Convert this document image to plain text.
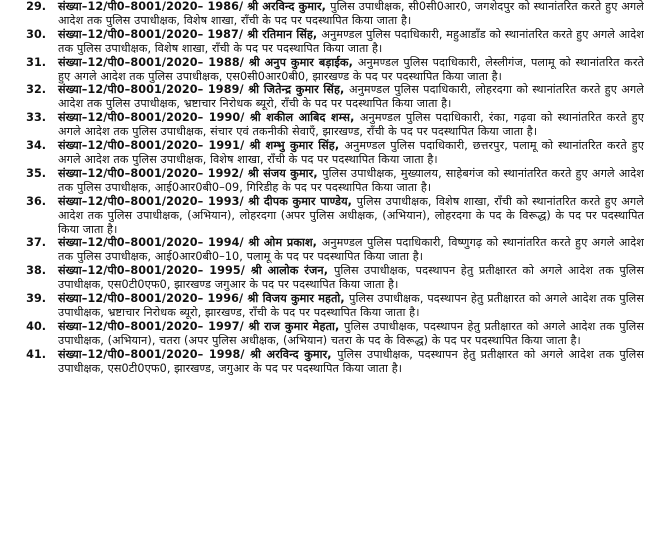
29.	संख्या–12/पी0–8001/2020– 1986/ श्री अरविन्द कुमार, पुलिस उपाधीक्षक, सी0सी0आर0, जगशेदपुर को स्थानांतरित करते हुए अगले आदेश तक पुलिस उपाधीक्षक, विशेष शाखा, राँची के पद पर पदस्थापित किया जाता है।
30.	संख्या–12/पी0–8001/2020– 1987/ श्री रतिमान सिंह, अनुमण्डल पुलिस पदाधिकारी, महुआडाँड को स्थानांतरित करते हुए अगले आदेश तक पुलिस उपाधीक्षक, विशेष शाखा, राँची के पद पर पदस्थापित किया जाता है।
31.	संख्या–12/पी0–8001/2020– 1988/ श्री अनुप कुमार बड़ाईक, अनुमण्डल पुलिस पदाधिकारी, लेस्लीगंज, पलामू को स्थानांतरित करते हुए अगले आदेश तक पुलिस उपाधीक्षक, एस0सी0आर0बी0, झारखण्ड के पद पर पदस्थापित किया जाता है।
32.	संख्या–12/पी0–8001/2020– 1989/ श्री जितेन्द्र कुमार सिंह, अनुमण्डल पुलिस पदाधिकारी, लोहरदगा को स्थानांतरित करते हुए अगले आदेश तक पुलिस उपाधीक्षक, भ्रष्टाचार निरोधक ब्यूरो, राँची के पद पर पदस्थापित किया जाता है।
33.	संख्या–12/पी0–8001/2020– 1990/ श्री शकील आबिद शम्स, अनुमण्डल पुलिस पदाधिकारी, रंका, गढ़वा को स्थानांतरित करते हुए अगले आदेश तक पुलिस उपाधीक्षक, संचार एवं तकनीकी सेवाएँ, झारखण्ड, राँची के पद पर पदस्थापित किया जाता है।
34.	संख्या–12/पी0–8001/2020– 1991/ श्री शम्भु कुमार सिंह, अनुमण्डल पुलिस पदाधिकारी, छत्तरपुर, पलामू को स्थानांतरित करते हुए अगले आदेश तक पुलिस उपाधीक्षक, विशेष शाखा, राँची के पद पर पदस्थापित किया जाता है।
35.	संख्या–12/पी0–8001/2020– 1992/ श्री संजय कुमार, पुलिस उपाधीक्षक, मुख्यालय, साहेबगंज को स्थानांतरित करते हुए अगले आदेश तक पुलिस उपाधीक्षक, आई0आर0बी0–09, गिरिडीह के पद पर पदस्थापित किया जाता है।
36.	संख्या–12/पी0–8001/2020– 1993/ श्री दीपक कुमार पाण्डेय, पुलिस उपाधीक्षक, विशेष शाखा, राँची को स्थानांतरित करते हुए अगले आदेश तक पुलिस उपाधीक्षक, (अभियान), लोहरदगा (अपर पुलिस अधीक्षक, (अभियान), लोहरदगा के पद के विरूद्ध) के पद पर पदस्थापित किया जाता है।
37.	संख्या–12/पी0–8001/2020– 1994/ श्री ओम प्रकाश, अनुमण्डल पुलिस पदाधिकारी, विष्णुगढ़ को स्थानांतरित करते हुए अगले आदेश तक पुलिस उपाधीक्षक, आई0आर0बी0–10, पलामू के पद पर पदस्थापित किया जाता है।
38.	संख्या–12/पी0–8001/2020– 1995/ श्री आलोक रंजन, पुलिस उपाधीक्षक, पदस्थापन हेतु प्रतीक्षारत को अगले आदेश तक पुलिस उपाधीक्षक, एस0टी0एफ0, झारखण्ड जगुआर के पद पर पदस्थापित किया जाता है।
39.	संख्या–12/पी0–8001/2020– 1996/ श्री विजय कुमार महतो, पुलिस उपाधीक्षक, पदस्थापन हेतु प्रतीक्षारत को अगले आदेश तक पुलिस उपाधीक्षक, भ्रष्टाचार निरोधक ब्यूरो, झारखण्ड, राँची के पद पर पदस्थापित किया जाता है।
40.	संख्या–12/पी0–8001/2020– 1997/ श्री राज कुमार मेहता, पुलिस उपाधीक्षक, पदस्थापन हेतु प्रतीक्षारत को अगले आदेश तक पुलिस उपाधीक्षक, (अभियान), चतरा (अपर पुलिस अधीक्षक, (अभियान) चतरा के पद के विरूद्ध) के पद पर पदस्थापित किया जाता है।
41.	संख्या–12/पी0–8001/2020– 1998/ श्री अरविन्द कुमार, पुलिस उपाधीक्षक, पदस्थापन हेतु प्रतीक्षारत को अगले आदेश तक पुलिस उपाधीक्षक, एस0टी0एफ0, झारखण्ड, जगुआर के पद पर पदस्थापित किया जाता है।
